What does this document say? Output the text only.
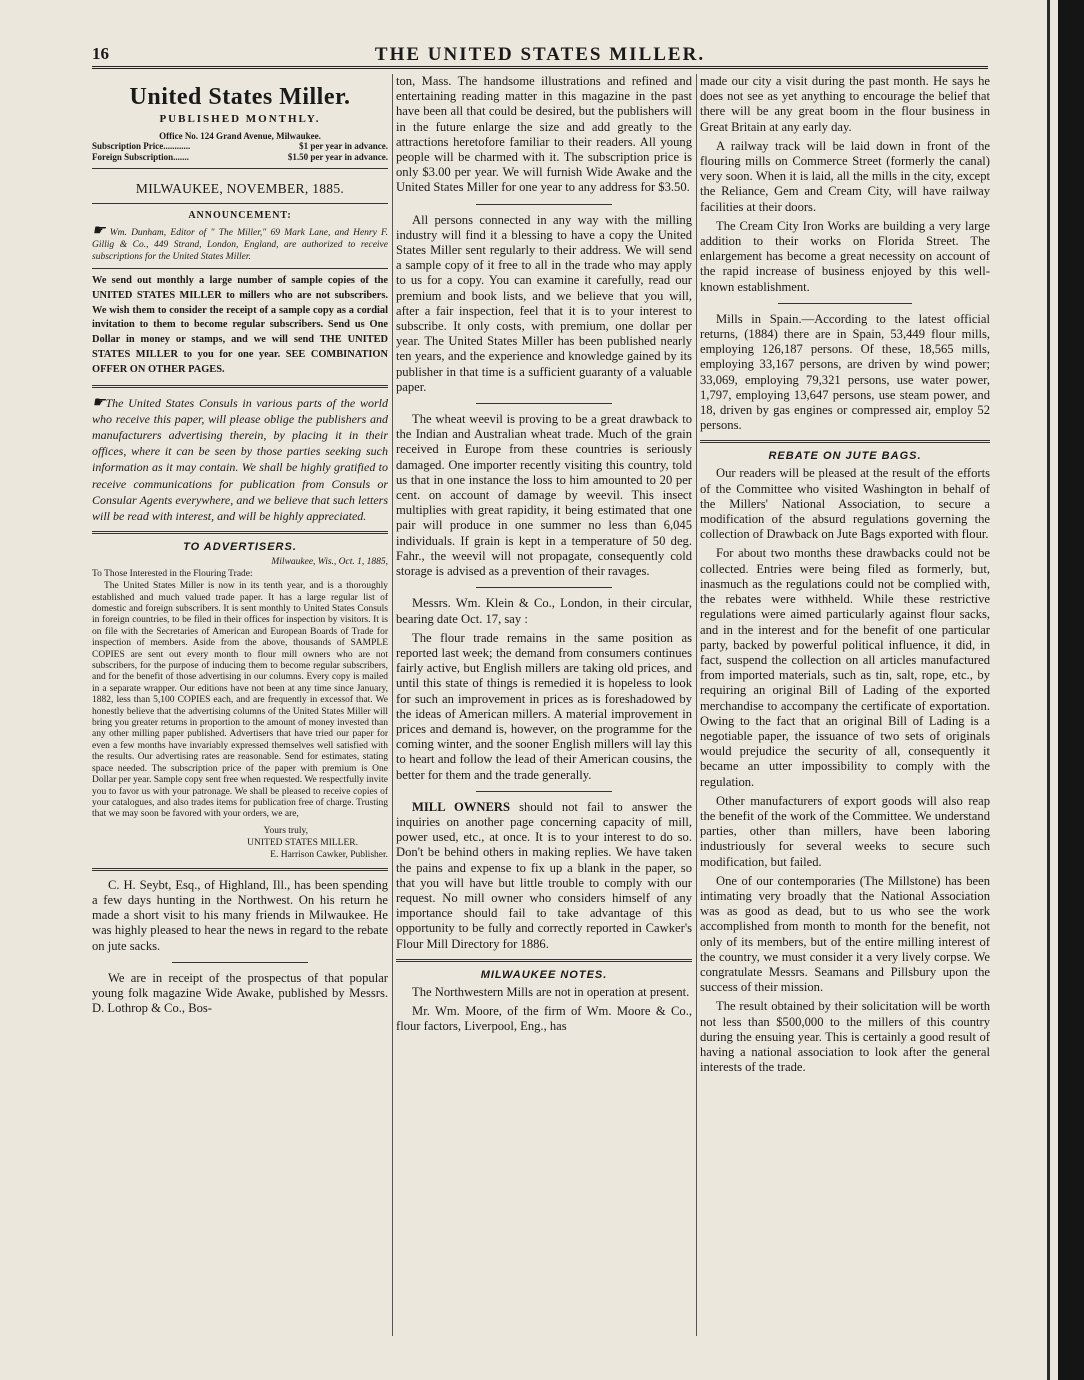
16	THE UNITED STATES MILLER.
United States Miller.
PUBLISHED MONTHLY.
Office No. 124 Grand Avenue, Milwaukee.
Subscription Price............	$1 per year in advance.
Foreign Subscription.......	$1.50 per year in advance.
MILWAUKEE, NOVEMBER, 1885.
ANNOUNCEMENT:

☛ Wm. Dunham, Editor of " The Miller," 69 Mark Lane, and Henry F. Gillig & Co., 449 Strand, London, England, are authorized to receive subscriptions for the United States Miller.

We send out monthly a large number of sample copies of the UNITED STATES MILLER to millers who are not subscribers. We wish them to consider the receipt of a sample copy as a cordial invitation to them to become regular subscribers. Send us One Dollar in money or stamps, and we will send THE UNITED STATES MILLER to you for one year. SEE COMBINATION OFFER ON OTHER PAGES.

☛The United States Consuls in various parts of the world who receive this paper, will please oblige the publishers and manufacturers advertising therein, by placing it in their offices, where it can be seen by those parties seeking such information as it may contain. We shall be highly gratified to receive communications for publication from Consuls or Consular Agents everywhere, and we believe that such letters will be read with interest, and will be highly appreciated.

TO ADVERTISERS.
Milwaukee, Wis., Oct. 1, 1885,
To Those Interested in the Flouring Trade:

The United States Miller is now in its tenth year, and is a thoroughly established and much valued trade paper. It has a large regular list of domestic and foreign subscribers. It is sent monthly to United States Consuls in foreign countries, to be filed in their offices for inspection by visitors. It is on file with the Secretaries of American and European Boards of Trade for inspection of members. Aside from the above, thousands of SAMPLE COPIES are sent out every month to flour mill owners who are not subscribers, for the purpose of inducing them to become regular subscribers, and for the benefit of those advertising in our columns. Every copy is mailed in a separate wrapper. Our editions have not been at any time since January, 1882, less than 5,100 COPIES each, and are frequently in excessof that. We honestly believe that the advertising columns of the United States Miller will bring you greater returns in proportion to the amount of money invested than any other milling paper published. Advertisers that have tried our paper for even a few months have invariably expressed themselves well satisfied with the results. Our advertising rates are reasonable. Send for estimates, stating space needed. The subscription price of the paper with premium is One Dollar per year. Sample copy sent free when requested. We respectfully invite you to favor us with your patronage. We shall be pleased to receive copies of your catalogues, and also trades items for publication free of charge. Trusting that we may soon be favored with your orders, we are,

Yours truly,
UNITED STATES MILLER.
E. Harrison Cawker, Publisher.

C. H. Seybt, Esq., of Highland, Ill., has been spending a few days hunting in the Northwest. On his return he made a short visit to his many friends in Milwaukee. He was highly pleased to hear the news in regard to the rebate on jute sacks.

We are in receipt of the prospectus of that popular young folk magazine Wide Awake, published by Messrs. D. Lothrop & Co., Bos-

ton, Mass. The handsome illustrations and refined and entertaining reading matter in this magazine in the past have been all that could be desired, but the publishers will in the future enlarge the size and add greatly to the attractions heretofore familiar to their readers. All young people will be charmed with it. The subscription price is only $3.00 per year. We will furnish Wide Awake and the United States Miller for one year to any address for $3.50.

All persons connected in any way with the milling industry will find it a blessing to have a copy the United States Miller sent regularly to their address. We will send a sample copy of it free to all in the trade who may apply to us for a copy. You can examine it carefully, read our premium and book lists, and we believe that you will, after a fair inspection, feel that it is to your interest to subscribe. It only costs, with premium, one dollar per year. The United States Miller has been published nearly ten years, and the experience and knowledge gained by its publisher in that time is a sufficient guaranty of a valuable paper.

The wheat weevil is proving to be a great drawback to the Indian and Australian wheat trade. Much of the grain received in Europe from these countries is seriously damaged. One importer recently visiting this country, told us that in one instance the loss to him amounted to 20 per cent. on account of damage by weevil. This insect multiplies with great rapidity, it being estimated that one pair will produce in one summer no less than 6,045 individuals. If grain is kept in a temperature of 50 deg. Fahr., the weevil will not propagate, consequently cold storage is advised as a prevention of their ravages.

Messrs. Wm. Klein & Co., London, in their circular, bearing date Oct. 17, say :

The flour trade remains in the same position as reported last week; the demand from consumers continues fairly active, but English millers are taking old prices, and until this state of things is remedied it is hopeless to look for such an improvement in prices as is foreshadowed by the ideas of American millers. A material improvement in prices and demand is, however, on the programme for the coming winter, and the sooner English millers will lay this to heart and follow the lead of their American cousins, the better for them and the trade generally.

MILL OWNERS should not fail to answer the inquiries on another page concerning capacity of mill, power used, etc., at once. It is to your interest to do so. Don't be behind others in making replies. We have taken the pains and expense to fix up a blank in the paper, so that you will have but little trouble to comply with our request. No mill owner who considers himself of any importance should fail to take advantage of this opportunity to be fully and correctly reported in Cawker's Flour Mill Directory for 1886.

MILWAUKEE NOTES.

The Northwestern Mills are not in operation at present.

Mr. Wm. Moore, of the firm of Wm. Moore & Co., flour factors, Liverpool, Eng., has

made our city a visit during the past month. He says he does not see as yet anything to encourage the belief that there will be any great boom in the flour business in Great Britain at any early day.

A railway track will be laid down in front of the flouring mills on Commerce Street (formerly the canal) very soon. When it is laid, all the mills in the city, except the Reliance, Gem and Cream City, will have railway facilities at their doors.

The Cream City Iron Works are building a very large addition to their works on Florida Street. The enlargement has become a great necessity on account of the rapid increase of business enjoyed by this well-known establishment.

Mills in Spain.—According to the latest official returns, (1884) there are in Spain, 53,449 flour mills, employing 126,187 persons. Of these, 18,565 mills, employing 33,167 persons, are driven by wind power; 33,069, employing 79,321 persons, use water power, 1,797, employing 13,647 persons, use steam power, and 18, driven by gas engines or compressed air, employ 52 persons.

REBATE ON JUTE BAGS.

Our readers will be pleased at the result of the efforts of the Committee who visited Washington in behalf of the Millers' National Association, to secure a modification of the absurd regulations governing the collection of Drawback on Jute Bags exported with flour.

For about two months these drawbacks could not be collected. Entries were being filed as formerly, but, inasmuch as the regulations could not be complied with, the rebates were withheld. While these restrictive regulations were aimed particularly against flour sacks, and in the interest and for the benefit of one particular party, backed by powerful political influence, it did, in fact, suspend the collection on all articles manufactured from imported materials, such as tin, salt, rope, etc., by requiring an original Bill of Lading of the exported merchandise to accompany the certificate of exportation. Owing to the fact that an original Bill of Lading is a negotiable paper, the issuance of two sets of originals would prejudice the security of all, consequently it became an utter impossibility to comply with the regulation.

Other manufacturers of export goods will also reap the benefit of the work of the Committee. We understand parties, other than millers, have been laboring industriously for several weeks to secure such modification, but failed.

One of our contemporaries (The Millstone) has been intimating very broadly that the National Association was as good as dead, but to us who see the work accomplished from month to month for the benefit, not only of its members, but of the entire milling interest of the country, we must consider it a very lively corpse. We congratulate Messrs. Seamans and Pillsbury upon the success of their mission.

The result obtained by their solicitation will be worth not less than $500,000 to the millers of this country during the ensuing year. This is certainly a good result of having a national association to look after the general interests of the trade.
